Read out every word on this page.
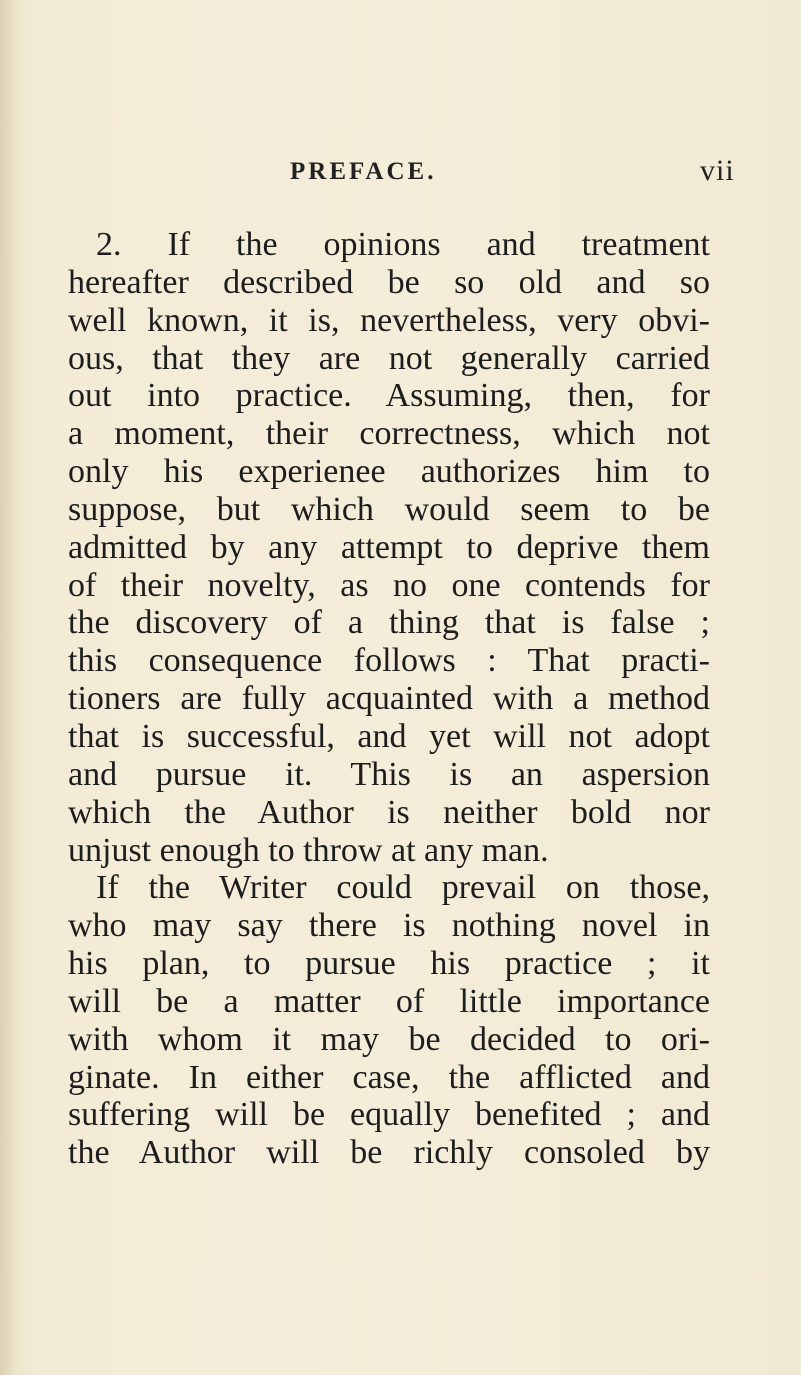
PREFACE.	vii
2. If the opinions and treatment
hereafter described be so old and so
well known, it is, nevertheless, very obvi-
ous, that they are not generally carried
out into practice. Assuming, then, for
a moment, their correctness, which not
only his experienee authorizes him to
suppose, but which would seem to be
admitted by any attempt to deprive them
of their novelty, as no one contends for
the discovery of a thing that is false ;
this consequence follows : That practi-
tioners are fully acquainted with a method
that is successful, and yet will not adopt
and pursue it. This is an aspersion
which the Author is neither bold nor
unjust enough to throw at any man.
If the Writer could prevail on those,
who may say there is nothing novel in
his plan, to pursue his practice ; it
will be a matter of little importance
with whom it may be decided to ori-
ginate. In either case, the afflicted and
suffering will be equally benefited ; and
the Author will be richly consoled by
